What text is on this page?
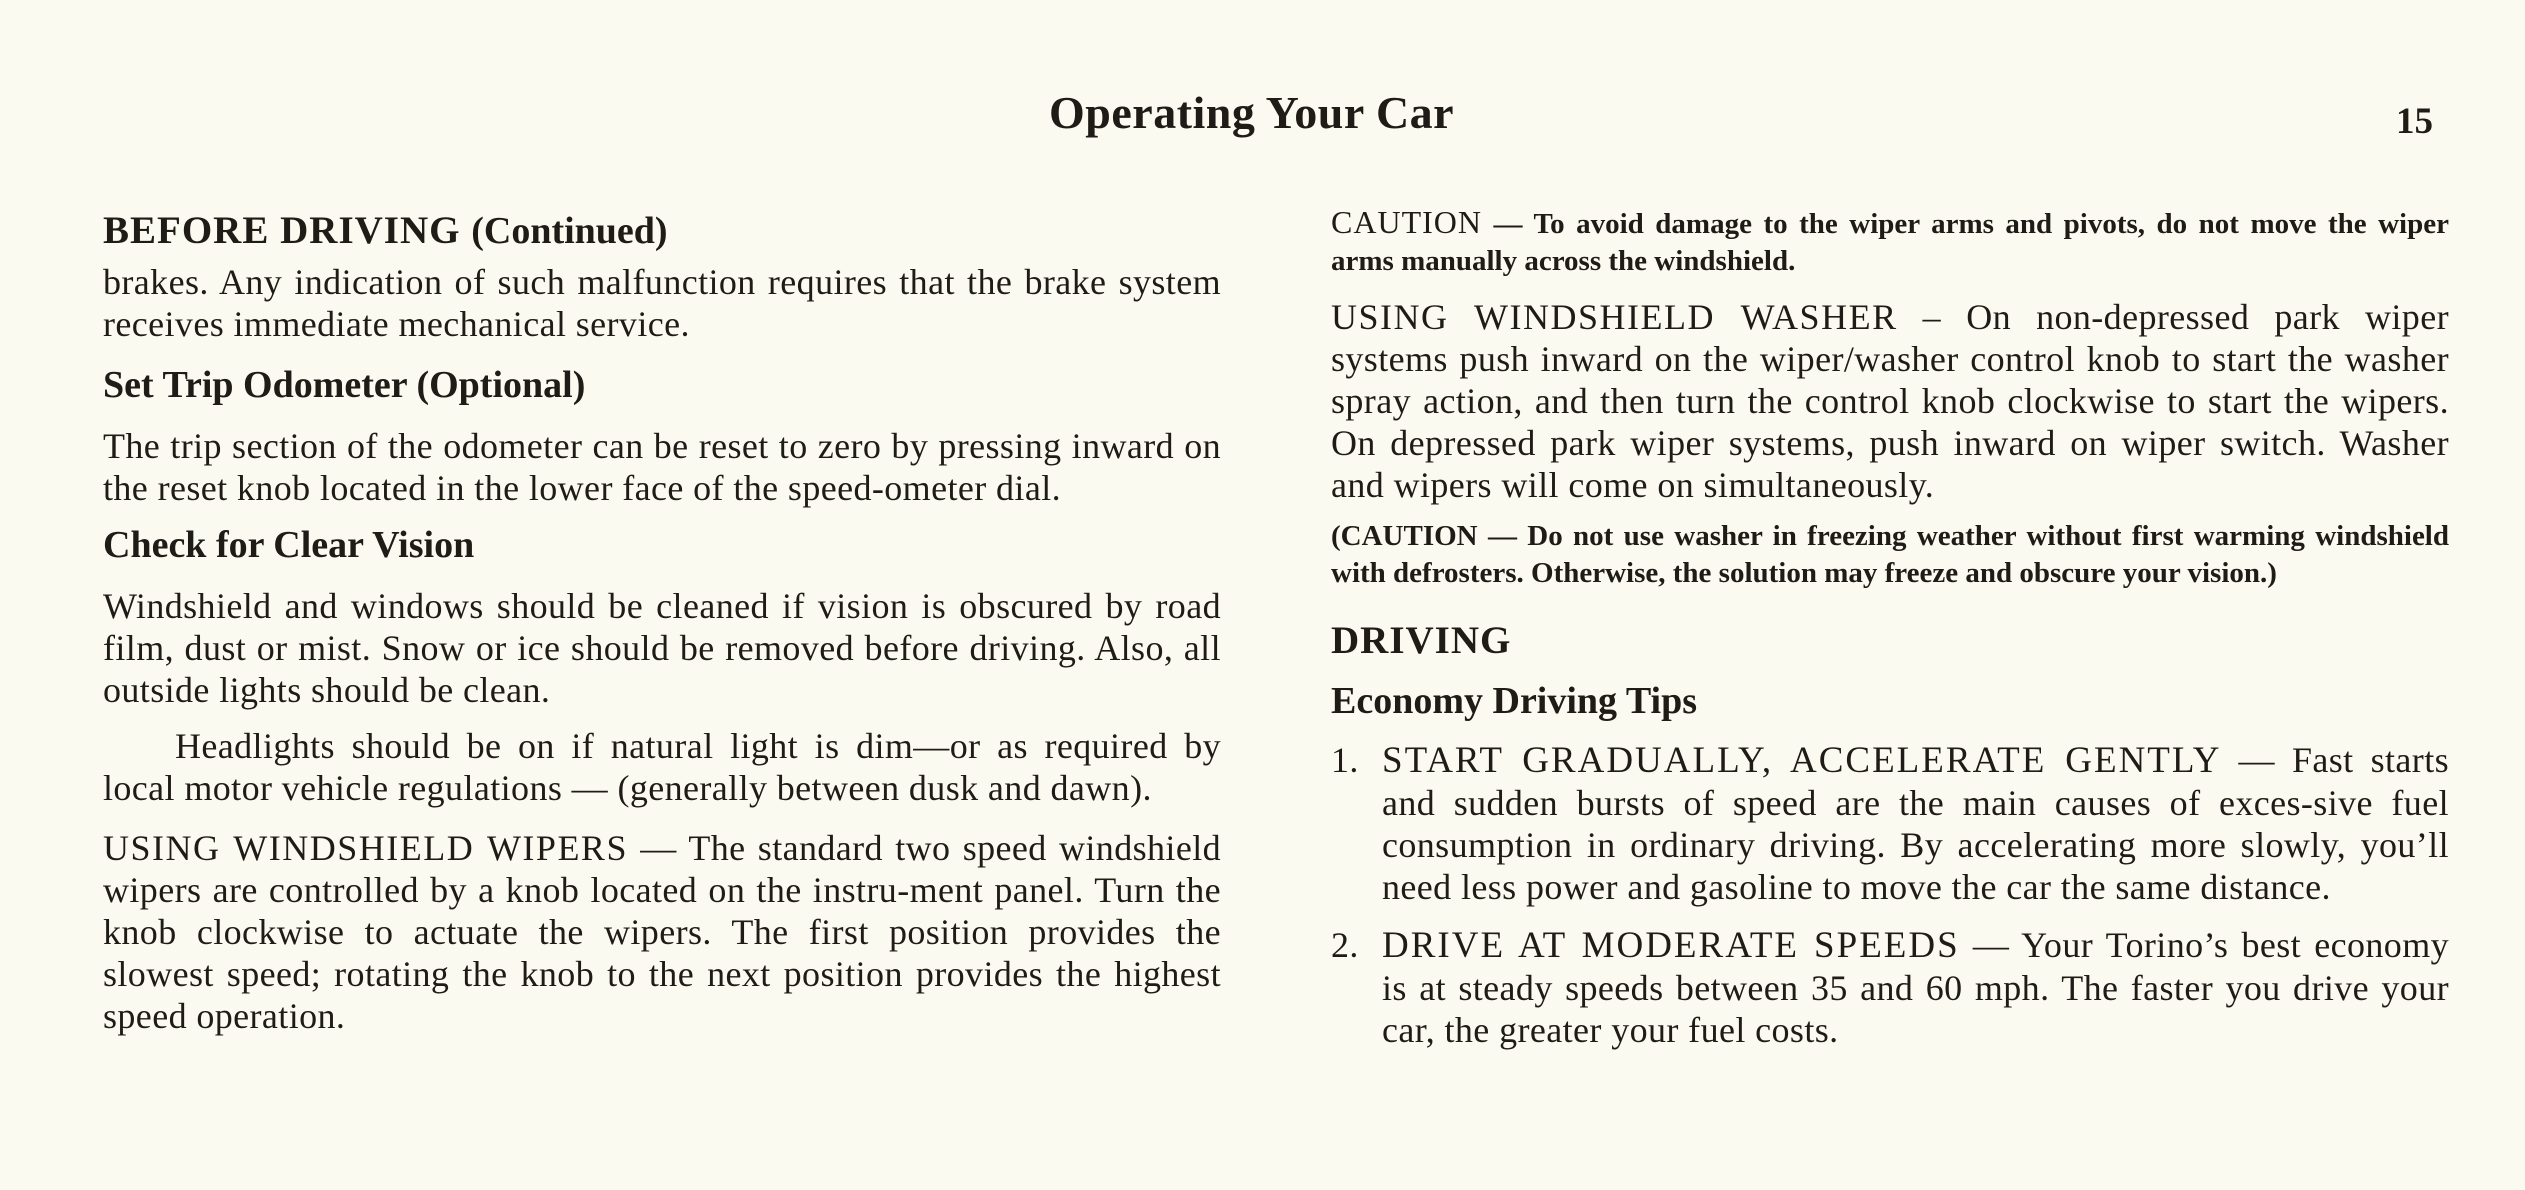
Operating Your Car	15
BEFORE DRIVING (Continued)

brakes. Any indication of such malfunction requires that the brake system receives immediate mechanical service.

Set Trip Odometer (Optional)

The trip section of the odometer can be reset to zero by pressing inward on the reset knob located in the lower face of the speed-ometer dial.

Check for Clear Vision

Windshield and windows should be cleaned if vision is obscured by road film, dust or mist. Snow or ice should be removed before driving. Also, all outside lights should be clean.

Headlights should be on if natural light is dim—or as required by local motor vehicle regulations — (generally between dusk and dawn).

USING WINDSHIELD WIPERS — The standard two speed windshield wipers are controlled by a knob located on the instru-ment panel. Turn the knob clockwise to actuate the wipers. The first position provides the slowest speed; rotating the knob to the next position provides the highest speed operation.

CAUTION — To avoid damage to the wiper arms and pivots, do not move the wiper arms manually across the windshield.

USING WINDSHIELD WASHER – On non-depressed park wiper systems push inward on the wiper/washer control knob to start the washer spray action, and then turn the control knob clockwise to start the wipers. On depressed park wiper systems, push inward on wiper switch. Washer and wipers will come on simultaneously.

(CAUTION — Do not use washer in freezing weather without first warming windshield with defrosters. Otherwise, the solution may freeze and obscure your vision.)

DRIVING
Economy Driving Tips
1. START GRADUALLY, ACCELERATE GENTLY — Fast starts and sudden bursts of speed are the main causes of exces-sive fuel consumption in ordinary driving. By accelerating more slowly, you’ll need less power and gasoline to move the car the same distance.
2. DRIVE AT MODERATE SPEEDS — Your Torino’s best economy is at steady speeds between 35 and 60 mph. The faster you drive your car, the greater your fuel costs.
